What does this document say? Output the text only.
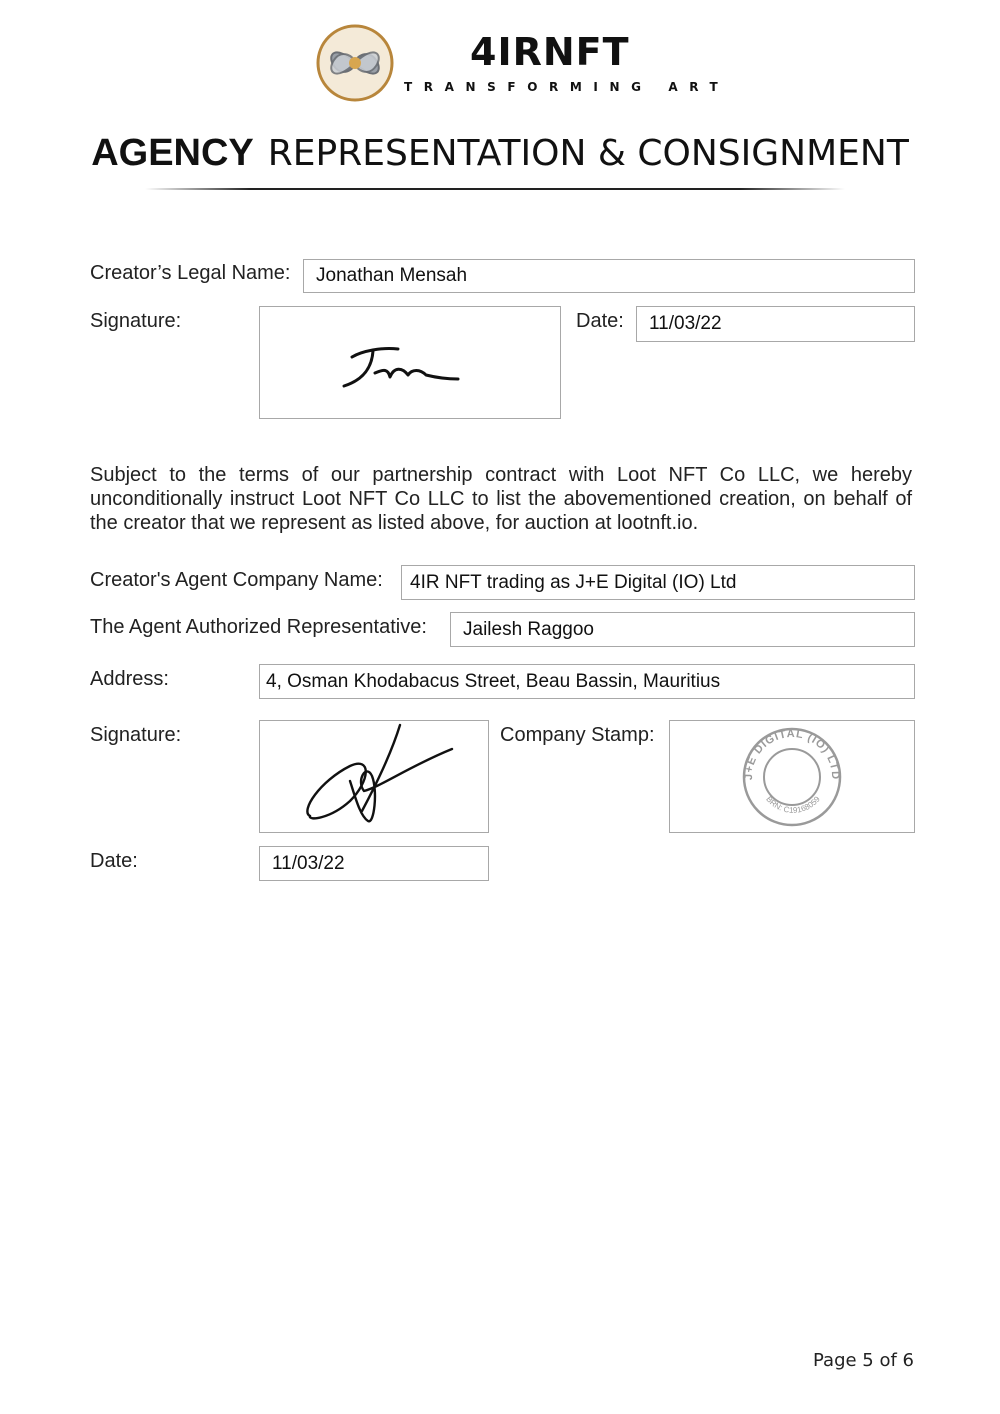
4IRNFT
TRANSFORMING ART
AGENCY REPRESENTATION & CONSIGNMENT
Creator’s Legal Name:	Jonathan Mensah
Signature:	Date:	11/03/22
Subject to the terms of our partnership contract with Loot NFT Co LLC, we hereby unconditionally instruct Loot NFT Co LLC to list the abovementioned creation, on behalf of the creator that we represent as listed above, for auction at lootnft.io.
Creator's Agent Company Name:	4IR NFT trading as J+E Digital (IO) Ltd
The Agent Authorized Representative:	Jailesh Raggoo
Address:	4, Osman Khodabacus Street, Beau Bassin, Mauritius
Signature:	Company Stamp:
J+E DIGITAL (IO) LTD
BRN: C19168059
Date:	11/03/22
Page 5 of 6
